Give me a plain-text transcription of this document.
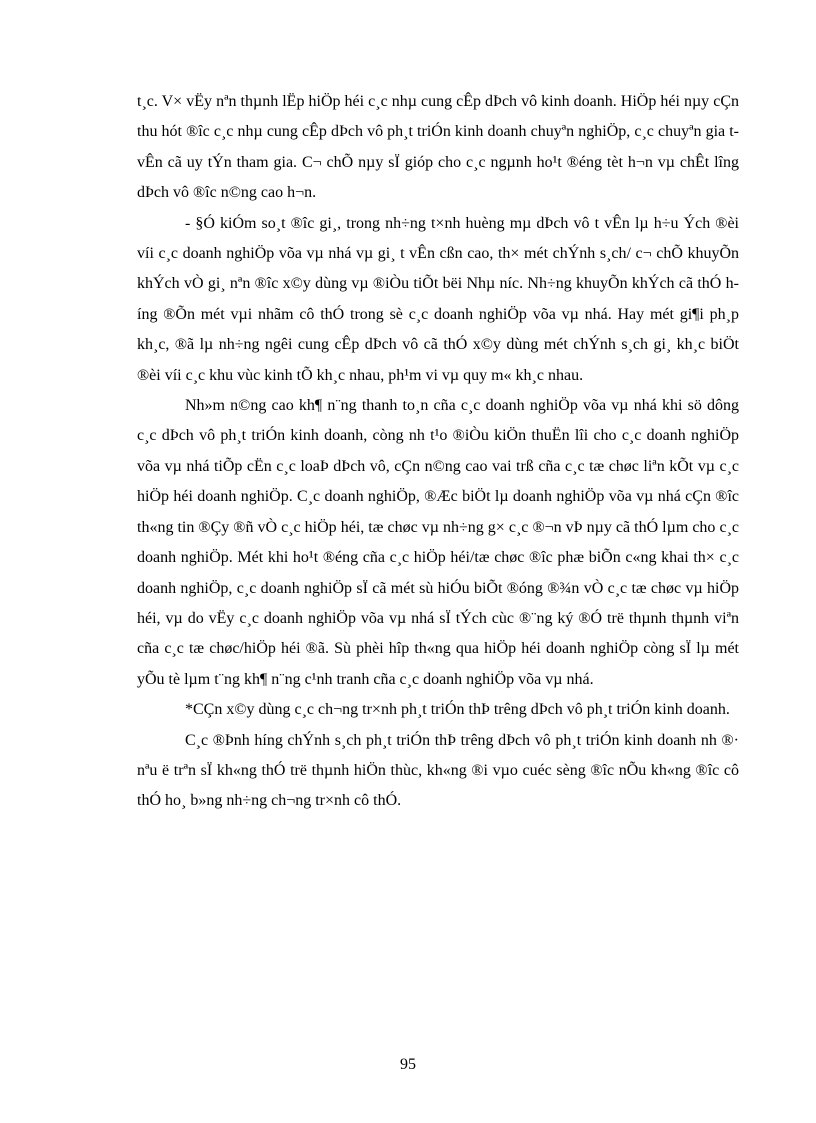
t¸c. V× vËy nªn thµnh lËp hiÖp héi c¸c nhµ cung cÊp dÞch vô kinh doanh. HiÖp héi nµy cÇn thu hót ®îc c¸c nhµ cung cÊp dÞch vô ph¸t triÓn kinh doanh chuyªn nghiÖp, c¸c chuyªn gia t vÊn cã uy tÝn tham gia. C¬ chÕ nµy sÏ gióp cho c¸c ngµnh ho¹t ®éng tèt h¬n vµ chÊt lîng dÞch vô ®îc n©ng cao h¬n.

- §Ó kiÓm so¸t ®îc gi¸, trong nh÷ng t×nh huèng mµ dÞch vô t vÊn lµ h÷u Ých ®èi víi c¸c doanh nghiÖp võa vµ nhá vµ gi¸ t vÊn cßn cao, th× mét chÝnh s¸ch/ c¬ chÕ khuyÕn khÝch vÒ gi¸ nªn ®îc x©y dùng vµ ®iÒu tiÕt bëi Nhµ níc. Nh÷ng khuyÕn khÝch cã thÓ híng ®Õn mét vµi nhãm cô thÓ trong sè c¸c doanh nghiÖp võa vµ nhá. Hay mét gi¶i ph¸p kh¸c, ®ã lµ nh÷ng ngêi cung cÊp dÞch vô cã thÓ x©y dùng mét chÝnh s¸ch gi¸ kh¸c biÖt ®èi víi c¸c khu vùc kinh tÕ kh¸c nhau, ph¹m vi vµ quy m« kh¸c nhau.

Nh»m n©ng cao kh¶ n¨ng thanh to¸n cña c¸c doanh nghiÖp võa vµ nhá khi sö dông c¸c dÞch vô ph¸t triÓn kinh doanh, còng nh t¹o ®iÒu kiÖn thuËn lîi cho c¸c doanh nghiÖp võa vµ nhá tiÕp cËn c¸c loaÞ dÞch vô, cÇn n©ng cao vai trß cña c¸c tæ chøc liªn kÕt vµ c¸c hiÖp héi doanh nghiÖp. C¸c doanh nghiÖp, ®Æc biÖt lµ doanh nghiÖp võa vµ nhá cÇn ®îc th«ng tin ®Çy ®ñ vÒ c¸c hiÖp héi, tæ chøc vµ nh÷ng g× c¸c ®¬n vÞ nµy cã thÓ lµm cho c¸c doanh nghiÖp. Mét khi ho¹t ®éng cña c¸c hiÖp héi/tæ chøc ®îc phæ biÕn c«ng khai th× c¸c doanh nghiÖp, c¸c doanh nghiÖp sÏ cã mét sù hiÓu biÕt ®óng ®¾n vÒ c¸c tæ chøc vµ hiÖp héi, vµ do vËy c¸c doanh nghiÖp võa vµ nhá sÏ tÝch cùc ®¨ng ký ®Ó trë thµnh thµnh viªn cña c¸c tæ chøc/hiÖp héi ®ã. Sù phèi hîp th«ng qua hiÖp héi doanh nghiÖp còng sÏ lµ mét yÕu tè lµm t¨ng kh¶ n¨ng c¹nh tranh cña c¸c doanh nghiÖp võa vµ nhá.

*CÇn x©y dùng c¸c ch¬ng tr×nh ph¸t triÓn thÞ trêng dÞch vô ph¸t triÓn kinh doanh.

C¸c ®Þnh híng chÝnh s¸ch ph¸t triÓn thÞ trêng dÞch vô ph¸t triÓn kinh doanh nh ®· nªu ë trªn sÏ kh«ng thÓ trë thµnh hiÖn thùc, kh«ng ®i vµo cuéc sèng ®îc nÕu kh«ng ®îc cô thÓ ho¸ b»ng nh÷ng ch¬ng tr×nh cô thÓ.

95
